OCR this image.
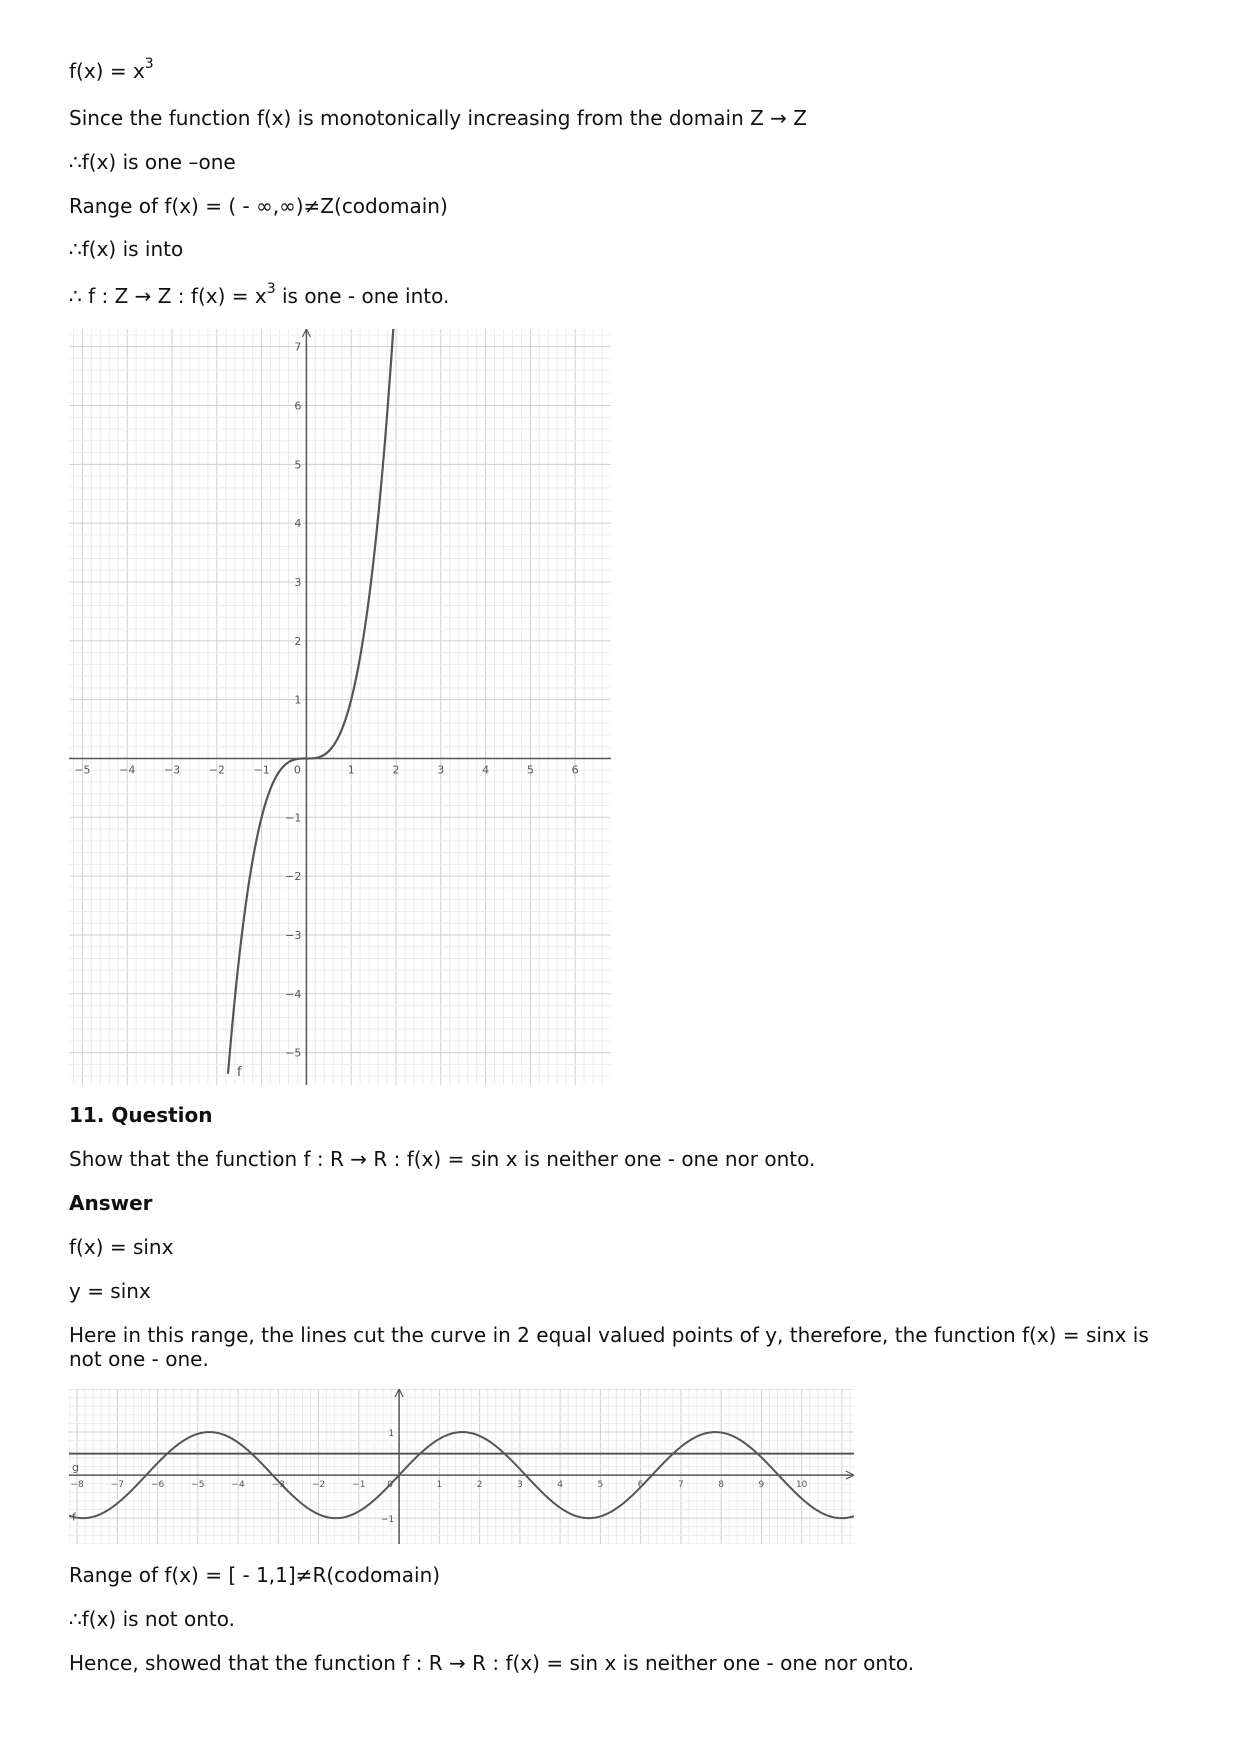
$f(x) = x^3$
Since the function f(x) is monotonically increasing from the domain Z → Z
∴f(x) is one –one
Range of f(x) = ( - ∞,∞)≠Z(codomain)
∴f(x) is into
∴ f : Z → Z : $f(x) = x^3$ is one - one into.
−5	−4	−3	−2	−1 0	1	2	3	4	5	6
7
6
5
4
3
2
1
−1
−2
−3
−4
−5
f
11. Question
Show that the function f : R → R : f(x) = sin x is neither one - one nor onto.
Answer
f(x) = sinx
y = sinx
Here in this range, the lines cut the curve in 2 equal valued points of y, therefore, the function f(x) = sinx is not one - one.
−8	−7	−6	−5	−4	−3	−2	−1 0	1	2	3	4	5	6	7	8	9	10
1
−1
f
g
Range of f(x) = [ - 1,1]≠R(codomain)
∴f(x) is not onto.
Hence, showed that the function f : R → R : f(x) = sin x is neither one - one nor onto.
